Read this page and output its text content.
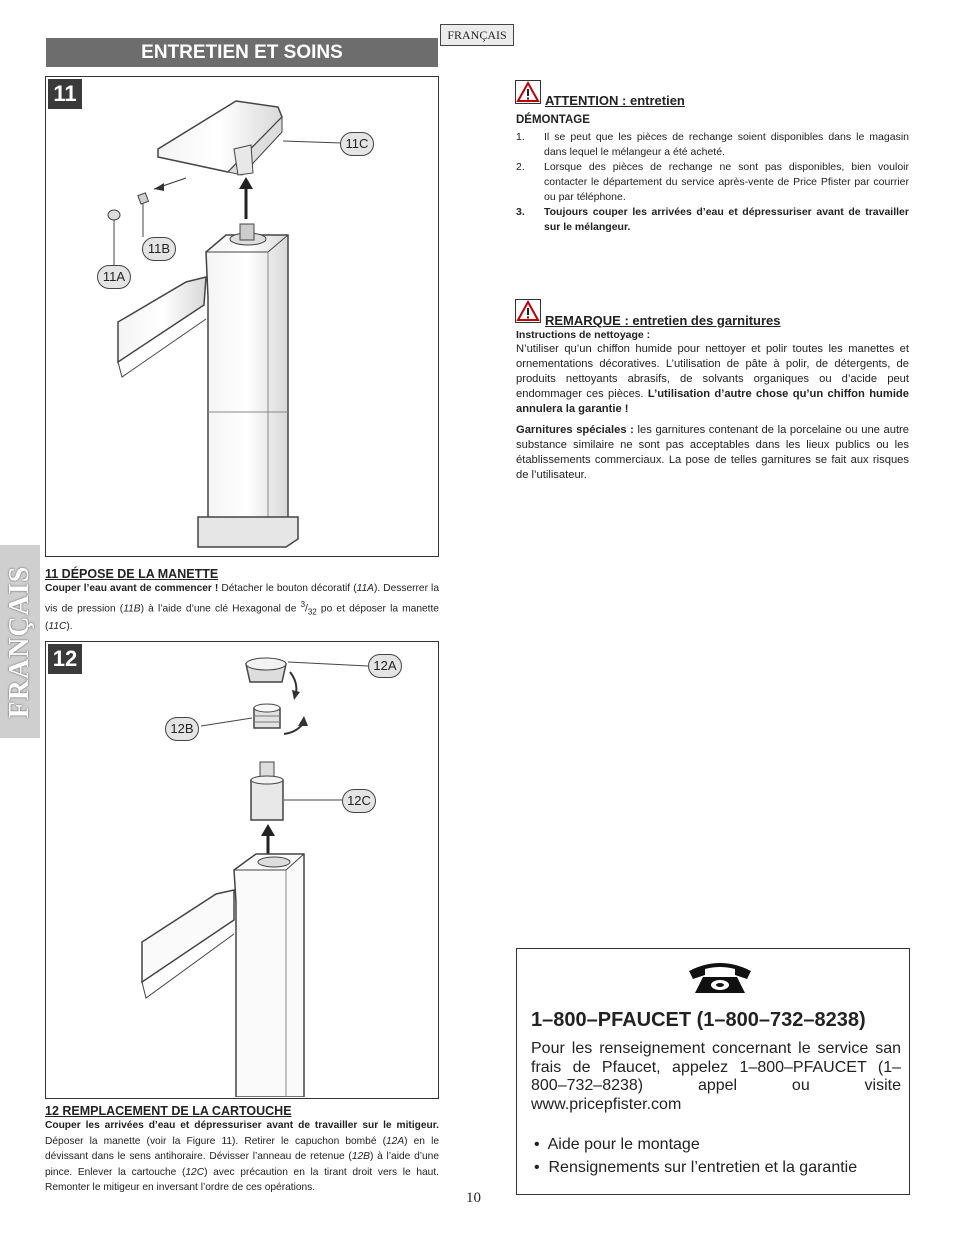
FRANÇAIS
ENTRETIEN ET SOINS
FRANÇAIS
11
11C
11B
11A
11 DÉPOSE DE LA MANETTE
Couper l’eau avant de commencer ! Détacher le bouton décoratif (11A). Desserrer la vis de pression (11B) à l’aide d’une clé Hexagonal de $^3/_{32}$ po et déposer la manette (11C).
12	12A
12B
12C
12 REMPLACEMENT DE LA CARTOUCHE
Couper les arrivées d’eau et dépressuriser avant de travailler sur le mitigeur. Déposer la manette (voir la Figure 11). Retirer le capuchon bombé (12A) en le dévissant dans le sens antihoraire. Dévisser l’anneau de retenue (12B) à l’aide d’une pince. Enlever la cartouche (12C) avec précaution en la tirant droit vers le haut. Remonter le mitigeur en inversant l’ordre de ces opérations.
ATTENTION : entretien
DÉMONTAGE
1. Il se peut que les pièces de rechange soient disponibles dans le magasin dans lequel le mélangeur a été acheté.
2. Lorsque des pièces de rechange ne sont pas disponibles, bien vouloir contacter le département du service après-vente de Price Pfister par courrier ou par téléphone.
3. Toujours couper les arrivées d’eau et dépressuriser avant de travailler sur le mélangeur.
REMARQUE : entretien des garnitures
Instructions de nettoyage :
N’utiliser qu’un chiffon humide pour nettoyer et polir toutes les manettes et ornementations décoratives. L’utilisation de pâte à polir, de détergents, de produits nettoyants abrasifs, de solvants organiques ou d’acide peut endommager ces pièces. L’utilisation d’autre chose qu’un chiffon humide annulera la garantie !
Garnitures spéciales : les garnitures contenant de la porcelaine ou une autre substance similaire ne sont pas acceptables dans les lieux publics ou les établissements commerciaux. La pose de telles garnitures se fait aux risques de l’utilisateur.
1–800–PFAUCET (1–800–732–8238)
Pour les renseignement concernant le service san frais de Pfaucet, appelez 1–800–PFAUCET (1–800–732–8238) appel ou visite www.pricepfister.com
•  Aide pour le montage
•  Rensignements sur l’entretien et la garantie
10
